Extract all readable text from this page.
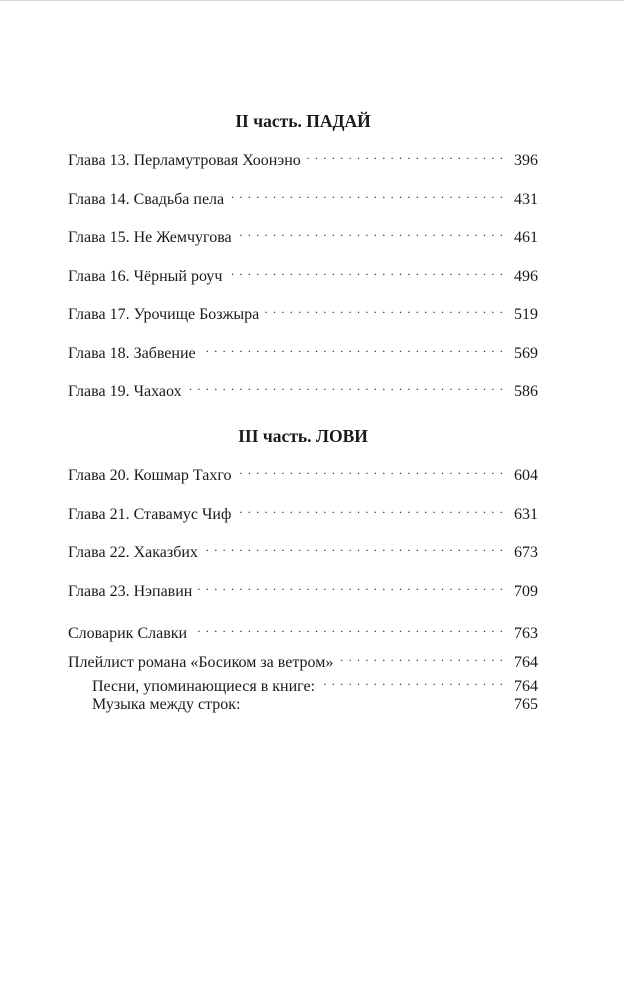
II часть. ПАДАЙ
Глава 13. Перламутровая Хоонэно . . .	396
Глава 14. Свадьба пела . . .	431
Глава 15. Не Жемчугова . . .	461
Глава 16. Чёрный роуч . . .	496
Глава 17. Урочище Бозжыра . . .	519
Глава 18. Забвение . . .	569
Глава 19. Чахаох . . .	586
III часть. ЛОВИ
Глава 20. Кошмар Тахго . . .	604
Глава 21. Ставамус Чиф . . .	631
Глава 22. Хаказбих . . .	673
Глава 23. Нэпавин . . .	709
Словарик Славки . . .	763
Плейлист романа «Босиком за ветром» . . .	764
Песни, упоминающиеся в книге: . . .	764
Музыка между строк:	765
